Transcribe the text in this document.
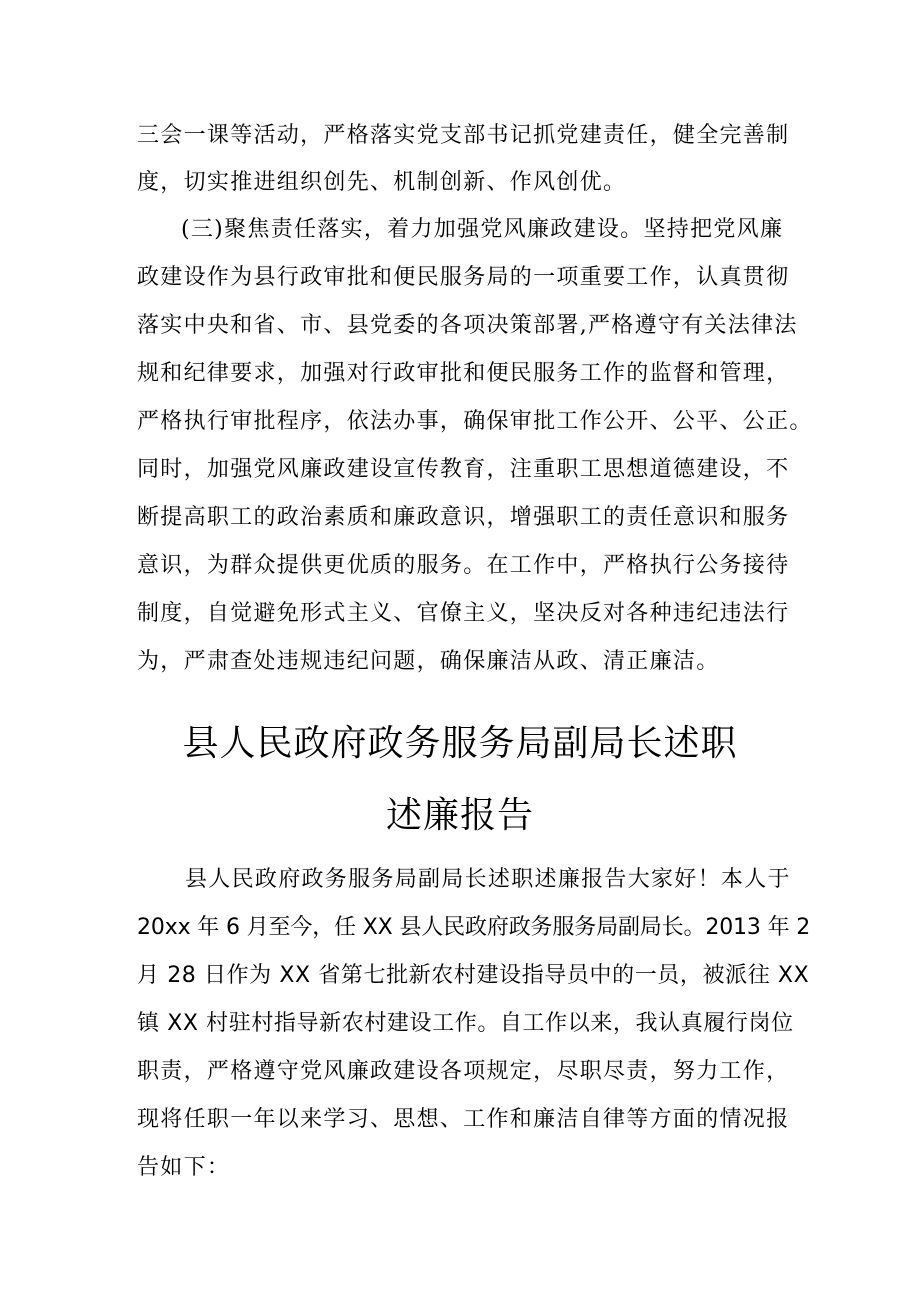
三会一课等活动，严格落实党支部书记抓党建责任，健全完善制
度，切实推进组织创先、机制创新、作风创优。
(三)聚焦责任落实，着力加强党风廉政建设。坚持把党风廉
政建设作为县行政审批和便民服务局的一项重要工作，认真贯彻
落实中央和省、市、县党委的各项决策部署,严格遵守有关法律法
规和纪律要求，加强对行政审批和便民服务工作的监督和管理，
严格执行审批程序，依法办事，确保审批工作公开、公平、公正。
同时，加强党风廉政建设宣传教育，注重职工思想道德建设，不
断提高职工的政治素质和廉政意识，增强职工的责任意识和服务
意识，为群众提供更优质的服务。在工作中，严格执行公务接待
制度，自觉避免形式主义、官僚主义，坚决反对各种违纪违法行
为，严肃查处违规违纪问题，确保廉洁从政、清正廉洁。
县人民政府政务服务局副局长述职
述廉报告
县人民政府政务服务局副局长述职述廉报告大家好！本人于
20xx 年 6 月至今，任 XX 县人民政府政务服务局副局长。2013 年 2
月 28 日作为 XX 省第七批新农村建设指导员中的一员，被派往 XX
镇 XX 村驻村指导新农村建设工作。自工作以来，我认真履行岗位
职责，严格遵守党风廉政建设各项规定，尽职尽责，努力工作，
现将任职一年以来学习、思想、工作和廉洁自律等方面的情况报
告如下：
